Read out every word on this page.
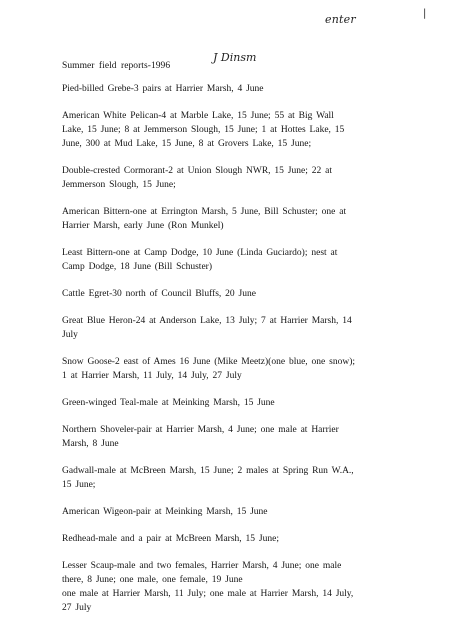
enter	|
J Dinsm
Summer field reports-1996

Pied-billed Grebe-3 pairs at Harrier Marsh, 4 June

American White Pelican-4 at Marble Lake, 15 June; 55 at Big Wall
Lake, 15 June; 8 at Jemmerson Slough, 15 June; 1 at Hottes Lake, 15
June, 300 at Mud Lake, 15 June, 8 at Grovers Lake, 15 June;

Double-crested Cormorant-2 at Union Slough NWR, 15 June; 22 at
Jemmerson Slough, 15 June;

American Bittern-one at Errington Marsh, 5 June, Bill Schuster; one at
Harrier Marsh, early June (Ron Munkel)

Least Bittern-one at Camp Dodge, 10 June (Linda Guciardo); nest at
Camp Dodge, 18 June (Bill Schuster)

Cattle Egret-30 north of Council Bluffs, 20 June

Great Blue Heron-24 at Anderson Lake, 13 July; 7 at Harrier Marsh, 14
July

Snow Goose-2 east of Ames 16 June (Mike Meetz)(one blue, one snow);
1 at Harrier Marsh, 11 July, 14 July, 27 July

Green-winged Teal-male at Meinking Marsh, 15 June

Northern Shoveler-pair at Harrier Marsh, 4 June; one male at Harrier
Marsh, 8 June

Gadwall-male at McBreen Marsh, 15 June; 2 males at Spring Run W.A.,
15 June;

American Wigeon-pair at Meinking Marsh, 15 June

Redhead-male and a pair at McBreen Marsh, 15 June;

Lesser Scaup-male and two females, Harrier Marsh, 4 June; one male
there, 8 June; one male, one female, 19 June
one male at Harrier Marsh, 11 July; one male at Harrier Marsh, 14 July,
27 July
